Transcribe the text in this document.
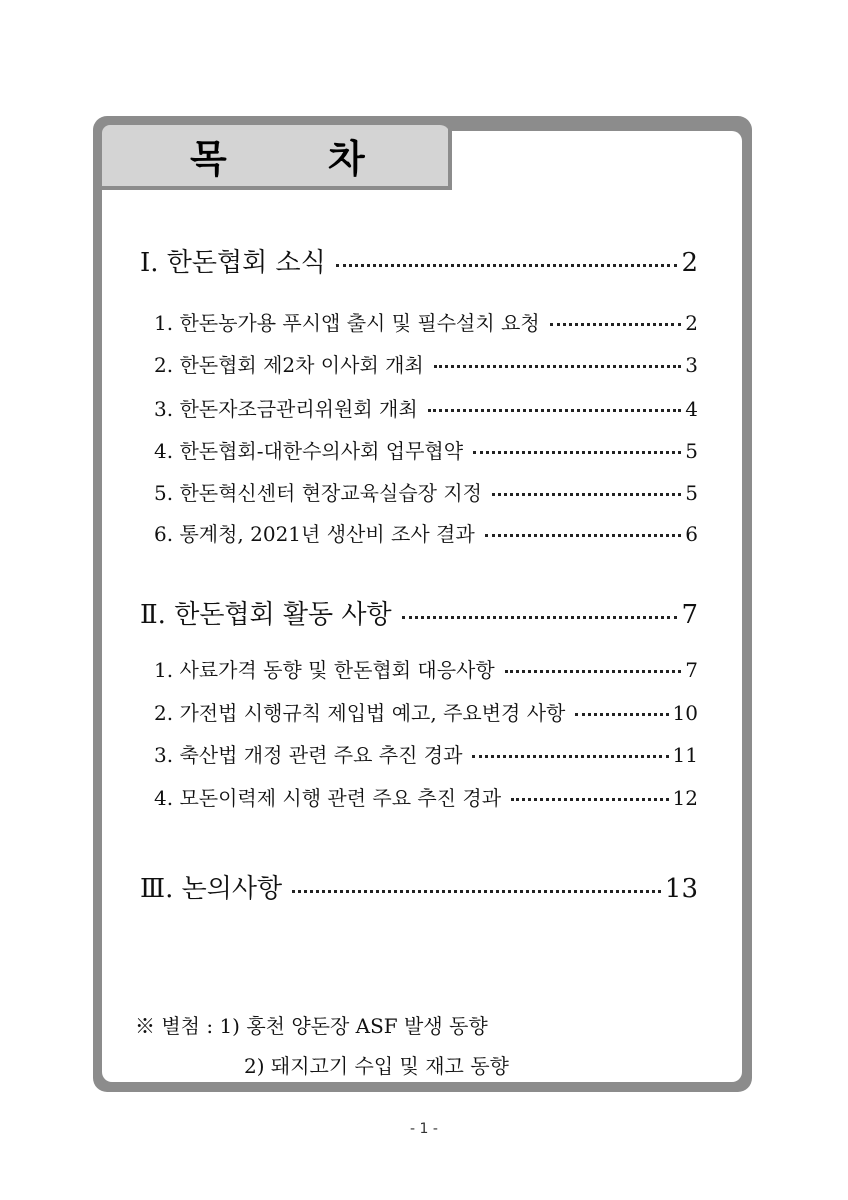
목 차
Ⅰ. 한돈협회 소식	2
1. 한돈농가용 푸시앱 출시 및 필수설치 요청	2
2. 한돈협회 제2차 이사회 개최	3
3. 한돈자조금관리위원회 개최	4
4. 한돈협회-대한수의사회 업무협약	5
5. 한돈혁신센터 현장교육실습장 지정	5
6. 통계청, 2021년 생산비 조사 결과	6
Ⅱ. 한돈협회 활동 사항	7
1. 사료가격 동향 및 한돈협회 대응사항	7
2. 가전법 시행규칙 제입법 예고, 주요변경 사항	10
3. 축산법 개정 관련 주요 추진 경과	11
4. 모돈이력제 시행 관련 주요 추진 경과	12
Ⅲ. 논의사항	13
※ 별첨 : 1) 홍천 양돈장 ASF 발생 동향
2) 돼지고기 수입 및 재고 동향
- 1 -
